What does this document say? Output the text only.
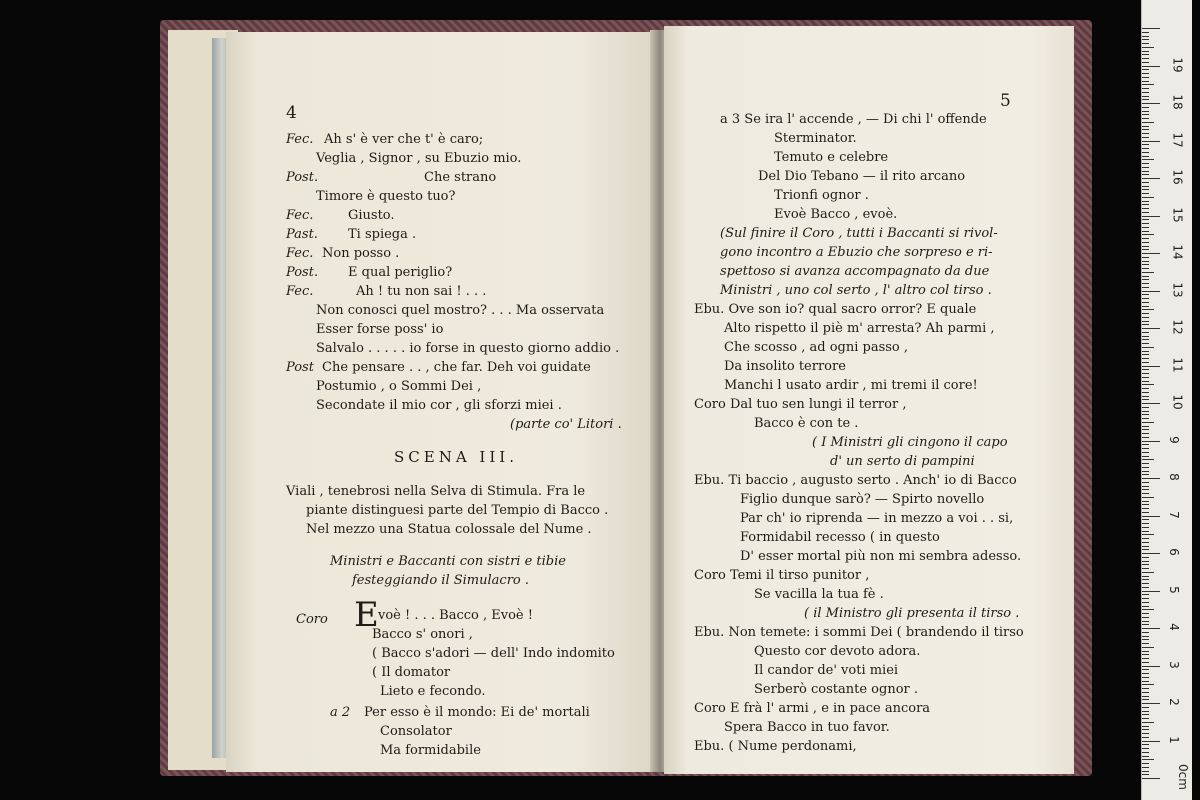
4
Fec. Ah s' è ver che t' è caro;
Veglia , Signor , su Ebuzio mio.
Post.	Che strano
Timore è questo tuo?
Fec.	Giusto.
Past. Ti spiega .
Fec. Non posso .
Post. E qual periglio?
Fec.	Ah ! tu non sai ! . . .
Non conosci quel mostro? . . . Ma osservata
Esser forse poss' io
Salvalo . . . . . io forse in questo giorno addio .
Post Che pensare . . , che far. Deh voi guidate
Postumio , o Sommi Dei ,
Secondate il mio cor , gli sforzi miei .
(parte co' Litori .
SCENA III.
Viali , tenebrosi nella Selva di Stimula. Fra le
piante distinguesi parte del Tempio di Bacco .
Nel mezzo una Statua colossale del Nume .
Ministri e Baccanti con sistri e tibie
festeggiando il Simulacro .
Coro E voè ! . . . Bacco , Evoè !
Bacco s' onori ,
( Bacco s'adori — dell' Indo indomito
( Il domator
Lieto e fecondo.
a 2 Per esso è il mondo: Ei de' mortali
Consolator
Ma formidabile
5
a 3 Se ira l' accende , — Di chi l' offende
Sterminator.
Temuto e celebre
Del Dio Tebano — il rito arcano
Trionfi ognor .
Evoè Bacco , evoè.
(Sul finire il Coro , tutti i Baccanti si rivol-
gono incontro a Ebuzio che sorpreso e ri-
spettoso si avanza accompagnato da due
Ministri , uno col serto , l' altro col tirso .
Ebu. Ove son io? qual sacro orror? E quale
Alto rispetto il piè m' arresta? Ah parmi ,
Che scosso , ad ogni passo ,
Da insolito terrore
Manchi l usato ardir , mi tremi il core!
Coro Dal tuo sen lungi il terror ,
Bacco è con te .
( I Ministri gli cingono il capo
d' un serto di pampini
Ebu. Ti baccio , augusto serto . Anch' io di Bacco
Figlio dunque sarò? — Spirto novello
Par ch' io riprenda — in mezzo a voi . . si,
Formidabil recesso ( in questo
D' esser mortal più non mi sembra adesso.
Coro Temi il tirso punitor ,
Se vacilla la tua fè .
( il Ministro gli presenta il tirso .
Ebu. Non temete: i sommi Dei ( brandendo il tirso
Questo cor devoto adora.
Il candor de' voti miei
Serberò costante ognor .
Coro E frà l' armi , e in pace ancora
Spera Bacco in tuo favor.
Ebu. ( Nume perdonami,
19
18
17
16
15
14
13
12
11
10
9
8
7
6
5
4
3
2
1
0cm
